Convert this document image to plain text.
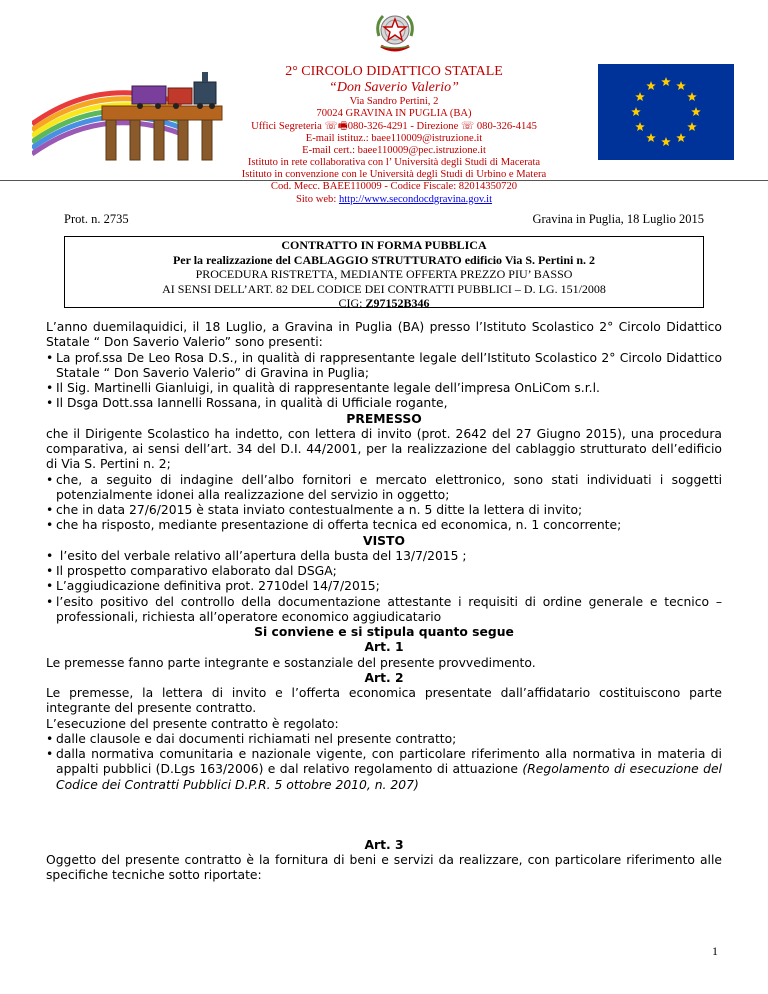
2° CIRCOLO DIDATTICO STATALE
“Don Saverio Valerio”
Via Sandro Pertini, 2
70024 GRAVINA IN PUGLIA (BA)
Uffici Segreteria ☏🖷080-326-4291 - Direzione ☏ 080-326-4145
E-mail istituz.: baee110009@istruzione.it
E-mail cert.: baee110009@pec.istruzione.it
Istituto in rete collaborativa con l’ Università degli Studi di Macerata
Istituto in convenzione con le Università degli Studi di Urbino e Matera
Cod. Mecc. BAEE110009 - Codice Fiscale: 82014350720
Sito web: http://www.secondocdgravina.gov.it
Prot. n. 2735	Gravina in Puglia, 18 Luglio 2015
CONTRATTO IN FORMA PUBBLICA
Per la realizzazione del CABLAGGIO STRUTTURATO edificio Via S. Pertini n. 2
PROCEDURA RISTRETTA, MEDIANTE OFFERTA PREZZO PIU’ BASSO
AI SENSI DELL’ART. 82 DEL CODICE DEI CONTRATTI PUBBLICI – D. LG. 151/2008
CIG: Z97152B346

L’anno duemilaquidici, il 18 Luglio, a Gravina in Puglia (BA) presso l’Istituto Scolastico 2° Circolo Didattico Statale “ Don Saverio Valerio” sono presenti:

• La prof.ssa De Leo Rosa D.S., in qualità di rappresentante legale dell’Istituto Scolastico 2° Circolo Didattico Statale “ Don Saverio Valerio” di Gravina in Puglia;

• Il Sig. Martinelli Gianluigi, in qualità di rappresentante legale dell’impresa OnLiCom s.r.l.

• Il Dsga Dott.ssa Iannelli Rossana, in qualità di Ufficiale rogante,

PREMESSO

che il Dirigente Scolastico ha indetto, con lettera di invito (prot. 2642 del 27 Giugno 2015), una procedura comparativa, ai sensi dell’art. 34 del D.I. 44/2001, per la realizzazione del cablaggio strutturato dell’edificio di Via S. Pertini n. 2;

• che, a seguito di indagine dell’albo fornitori e mercato elettronico, sono stati individuati i soggetti potenzialmente idonei alla realizzazione del servizio in oggetto;

• che in data 27/6/2015 è stata inviato contestualmente a n. 5 ditte la lettera di invito;

• che ha risposto, mediante presentazione di offerta tecnica ed economica, n. 1 concorrente;

VISTO

• l’esito del verbale relativo all’apertura della busta del 13/7/2015 ;

• Il prospetto comparativo elaborato dal DSGA;

• L’aggiudicazione definitiva prot. 2710del 14/7/2015;

• l’esito positivo del controllo della documentazione attestante i requisiti di ordine generale e tecnico – professionali, richiesta all’operatore economico aggiudicatario

Si conviene e si stipula quanto segue

Art. 1

Le premesse fanno parte integrante e sostanziale del presente provvedimento.

Art. 2

Le premesse, la lettera di invito e l’offerta economica presentate dall’affidatario costituiscono parte integrante del presente contratto.

L’esecuzione del presente contratto è regolato:

• dalle clausole e dai documenti richiamati nel presente contratto;

• dalla normativa comunitaria e nazionale vigente, con particolare riferimento alla normativa in materia di appalti pubblici (D.Lgs 163/2006) e dal relativo regolamento di attuazione (Regolamento di esecuzione del Codice dei Contratti Pubblici D.P.R. 5 ottobre 2010, n. 207)

Art. 3

Oggetto del presente contratto è la fornitura di beni e servizi da realizzare, con particolare riferimento alle specifiche tecniche sotto riportate:

1
